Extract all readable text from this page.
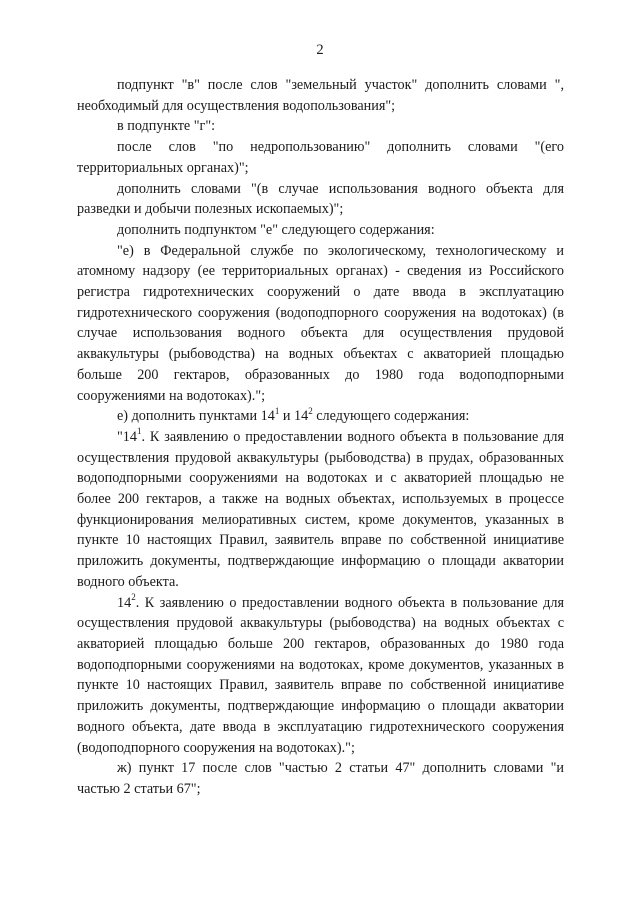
2

подпункт "в" после слов "земельный участок" дополнить словами ", необходимый для осуществления водопользования";

в подпункте "г":

после слов "по недропользованию" дополнить словами "(его территориальных органах)";

дополнить словами "(в случае использования водного объекта для разведки и добычи полезных ископаемых)";

дополнить подпунктом "е" следующего содержания:

"е) в Федеральной службе по экологическому, технологическому и атомному надзору (ее территориальных органах) - сведения из Российского регистра гидротехнических сооружений о дате ввода в эксплуатацию гидротехнического сооружения (водоподпорного сооружения на водотоках) (в случае использования водного объекта для осуществления прудовой аквакультуры (рыбоводства) на водных объектах с акваторией площадью больше 200 гектаров, образованных до 1980 года водоподпорными сооружениями на водотоках).";

е) дополнить пунктами $14^1$ и $14^2$ следующего содержания:

"$14^1$. К заявлению о предоставлении водного объекта в пользование для осуществления прудовой аквакультуры (рыбоводства) в прудах, образованных водоподпорными сооружениями на водотоках и с акваторией площадью не более 200 гектаров, а также на водных объектах, используемых в процессе функционирования мелиоративных систем, кроме документов, указанных в пункте 10 настоящих Правил, заявитель вправе по собственной инициативе приложить документы, подтверждающие информацию о площади акватории водного объекта.

$14^2$. К заявлению о предоставлении водного объекта в пользование для осуществления прудовой аквакультуры (рыбоводства) на водных объектах с акваторией площадью больше 200 гектаров, образованных до 1980 года водоподпорными сооружениями на водотоках, кроме документов, указанных в пункте 10 настоящих Правил, заявитель вправе по собственной инициативе приложить документы, подтверждающие информацию о площади акватории водного объекта, дате ввода в эксплуатацию гидротехнического сооружения (водоподпорного сооружения на водотоках).";

ж) пункт 17 после слов "частью 2 статьи 47" дополнить словами "и частью 2 статьи 67";
